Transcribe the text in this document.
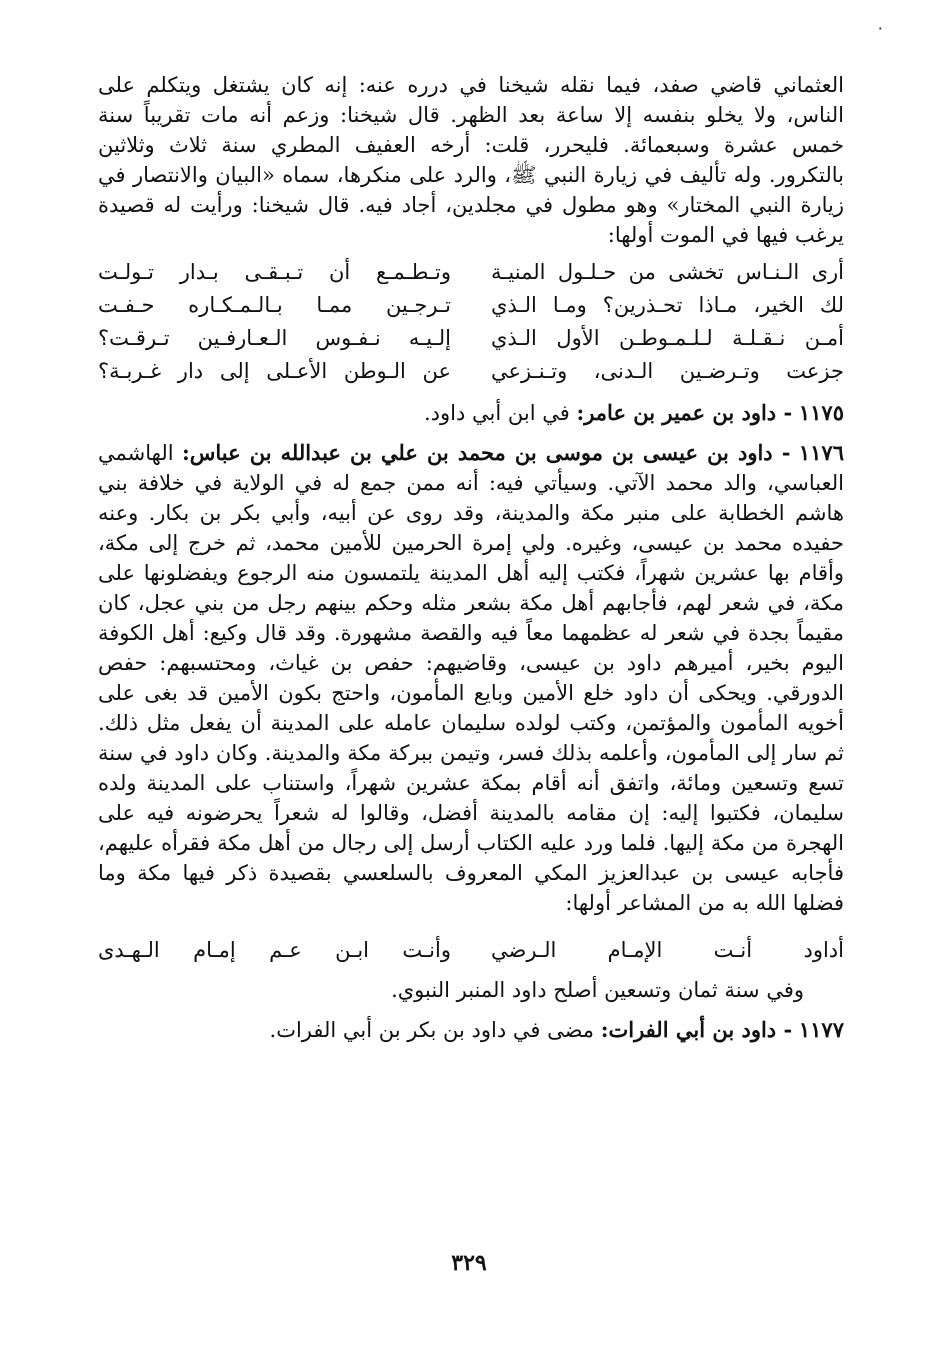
٠

العثماني قاضي صفد، فيما نقله شيخنا في درره عنه: إنه كان يشتغل ويتكلم على الناس، ولا يخلو بنفسه إلا ساعة بعد الظهر. قال شيخنا: وزعم أنه مات تقريباً سنة خمس عشرة وسبعمائة. فليحرر، قلت: أرخه العفيف المطري سنة ثلاث وثلاثين بالتكرور. وله تأليف في زيارة النبي ﷺ، والرد على منكرها، سماه «البيان والانتصار في زيارة النبي المختار» وهو مطول في مجلدين، أجاد فيه. قال شيخنا: ورأيت له قصيدة يرغب فيها في الموت أولها:

أرى الـنـاس تخشى من حـلـول المنيـة
وتـطـمـع أن تـبـقـى بـدار تـولـت
لك الخير، مـاذا تحـذرين؟ ومـا الـذي
تـرجـين ممـا بـالـمـكـاره حـفـت
أمـن نـقـلـة لـلـمـوطـن الأول الـذي
إلـيـه نـفـوس الـعـارفـين تـرقـت؟
جزعت وتـرضـين الـدنى، وتـنـزعي
عن الـوطن الأعـلى إلى دار غـربـة؟

١١٧٥ - داود بن عمير بن عامر: في ابن أبي داود.

١١٧٦ - داود بن عيسى بن موسى بن محمد بن علي بن عبدالله بن عباس: الهاشمي العباسي، والد محمد الآتي. وسيأتي فيه: أنه ممن جمع له في الولاية في خلافة بني هاشم الخطابة على منبر مكة والمدينة، وقد روى عن أبيه، وأبي بكر بن بكار. وعنه حفيده محمد بن عيسى، وغيره. ولي إمرة الحرمين للأمين محمد، ثم خرج إلى مكة، وأقام بها عشرين شهراً، فكتب إليه أهل المدينة يلتمسون منه الرجوع ويفضلونها على مكة، في شعر لهم، فأجابهم أهل مكة بشعر مثله وحكم بينهم رجل من بني عجل، كان مقيماً بجدة في شعر له عظمهما معاً فيه والقصة مشهورة. وقد قال وكيع: أهل الكوفة اليوم بخير، أميرهم داود بن عيسى، وقاضيهم: حفص بن غياث، ومحتسبهم: حفص الدورقي. ويحكى أن داود خلع الأمين وبايع المأمون، واحتج بكون الأمين قد بغى على أخويه المأمون والمؤتمن، وكتب لولده سليمان عامله على المدينة أن يفعل مثل ذلك. ثم سار إلى المأمون، وأعلمه بذلك فسر، وتيمن ببركة مكة والمدينة. وكان داود في سنة تسع وتسعين ومائة، واتفق أنه أقام بمكة عشرين شهراً، واستناب على المدينة ولده سليمان، فكتبوا إليه: إن مقامه بالمدينة أفضل، وقالوا له شعراً يحرضونه فيه على الهجرة من مكة إليها. فلما ورد عليه الكتاب أرسل إلى رجال من أهل مكة فقرأه عليهم، فأجابه عيسى بن عبدالعزيز المكي المعروف بالسلعسي بقصيدة ذكر فيها مكة وما فضلها الله به من المشاعر أولها:

أداود أنـت الإمـام الـرضي
وأنـت ابـن عـم إمـام الـهـدى

وفي سنة ثمان وتسعين أصلح داود المنبر النبوي.

١١٧٧ - داود بن أبي الفرات: مضى في داود بن بكر بن أبي الفرات.

٣٢٩
